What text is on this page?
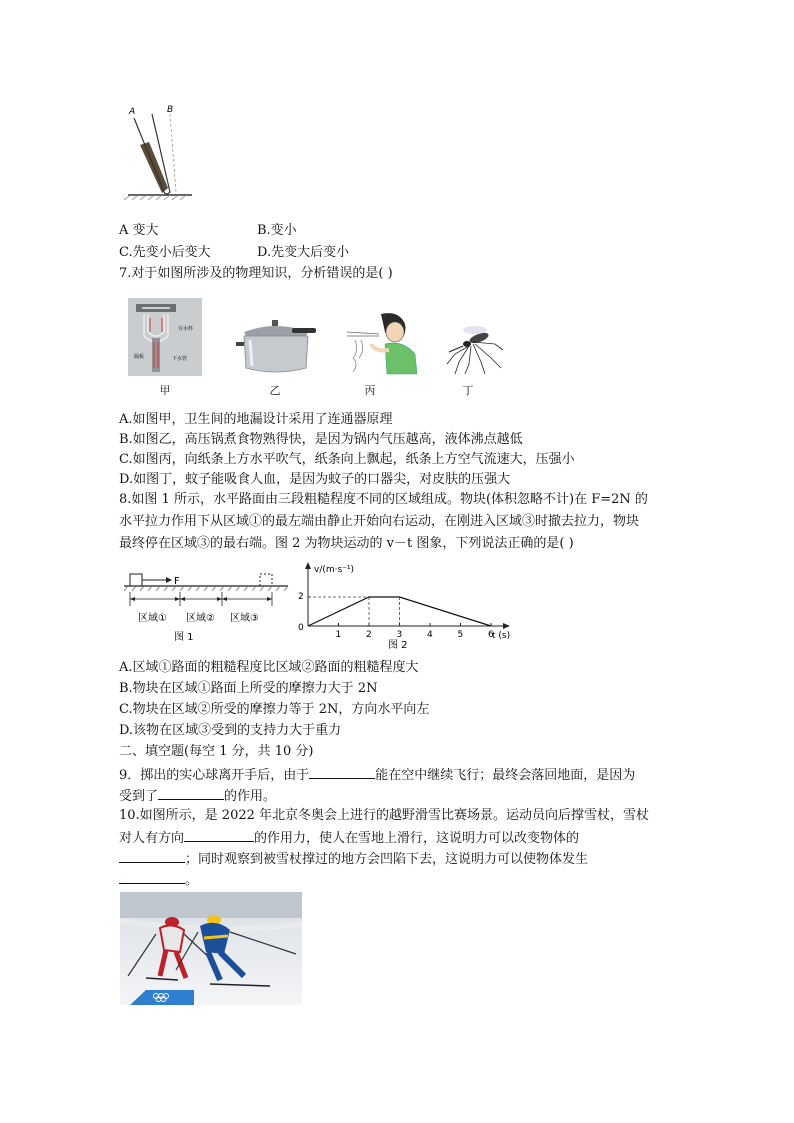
A	B
A 变大	B.变小
C.先变小后变大	D.先变大后变小
7.对于如图所涉及的物理知识，分析错误的是( )
存水杯
隔板	下水管
甲	乙	丙	丁
A.如图甲，卫生间的地漏设计采用了连通器原理
B.如图乙，高压锅煮食物熟得快，是因为锅内气压越高，液体沸点越低
C.如图丙，向纸条上方水平吹气，纸条向上飘起，纸条上方空气流速大，压强小
D.如图丁，蚊子能吸食人血，是因为蚊子的口器尖，对皮肤的压强大
8.如图 1 所示，水平路面由三段粗糙程度不同的区域组成。物块(体积忽略不计)在 F=2N 的
水平拉力作用下从区域①的最左端由静止开始向右运动，在刚进入区域③时撤去拉力，物块
最终停在区域③的最右端。图 2 为物块运动的 v－t 图象，下列说法正确的是( )
F
区域① 区域② 区域③
图 1
v/(m·s⁻¹)
t (s)
0
2
1	2	3	4	5	6
图 2
A.区域①路面的粗糙程度比区域②路面的粗糙程度大
B.物块在区域①路面上所受的摩擦力大于 2N
C.物块在区域②所受的摩擦力等于 2N，方向水平向左
D.该物在区域③受到的支持力大于重力
二、填空题(每空 1 分，共 10 分)
9．掷出的实心球离开手后，由于	能在空中继续飞行；最终会落回地面，是因为
受到了	的作用。
10.如图所示，是 2022 年北京冬奥会上进行的越野滑雪比赛场景。运动员向后撑雪杖，雪杖
对人有方向	的作用力，使人在雪地上滑行，这说明力可以改变物体的
；同时观察到被雪杖撑过的地方会凹陷下去，这说明力可以使物体发生
。
